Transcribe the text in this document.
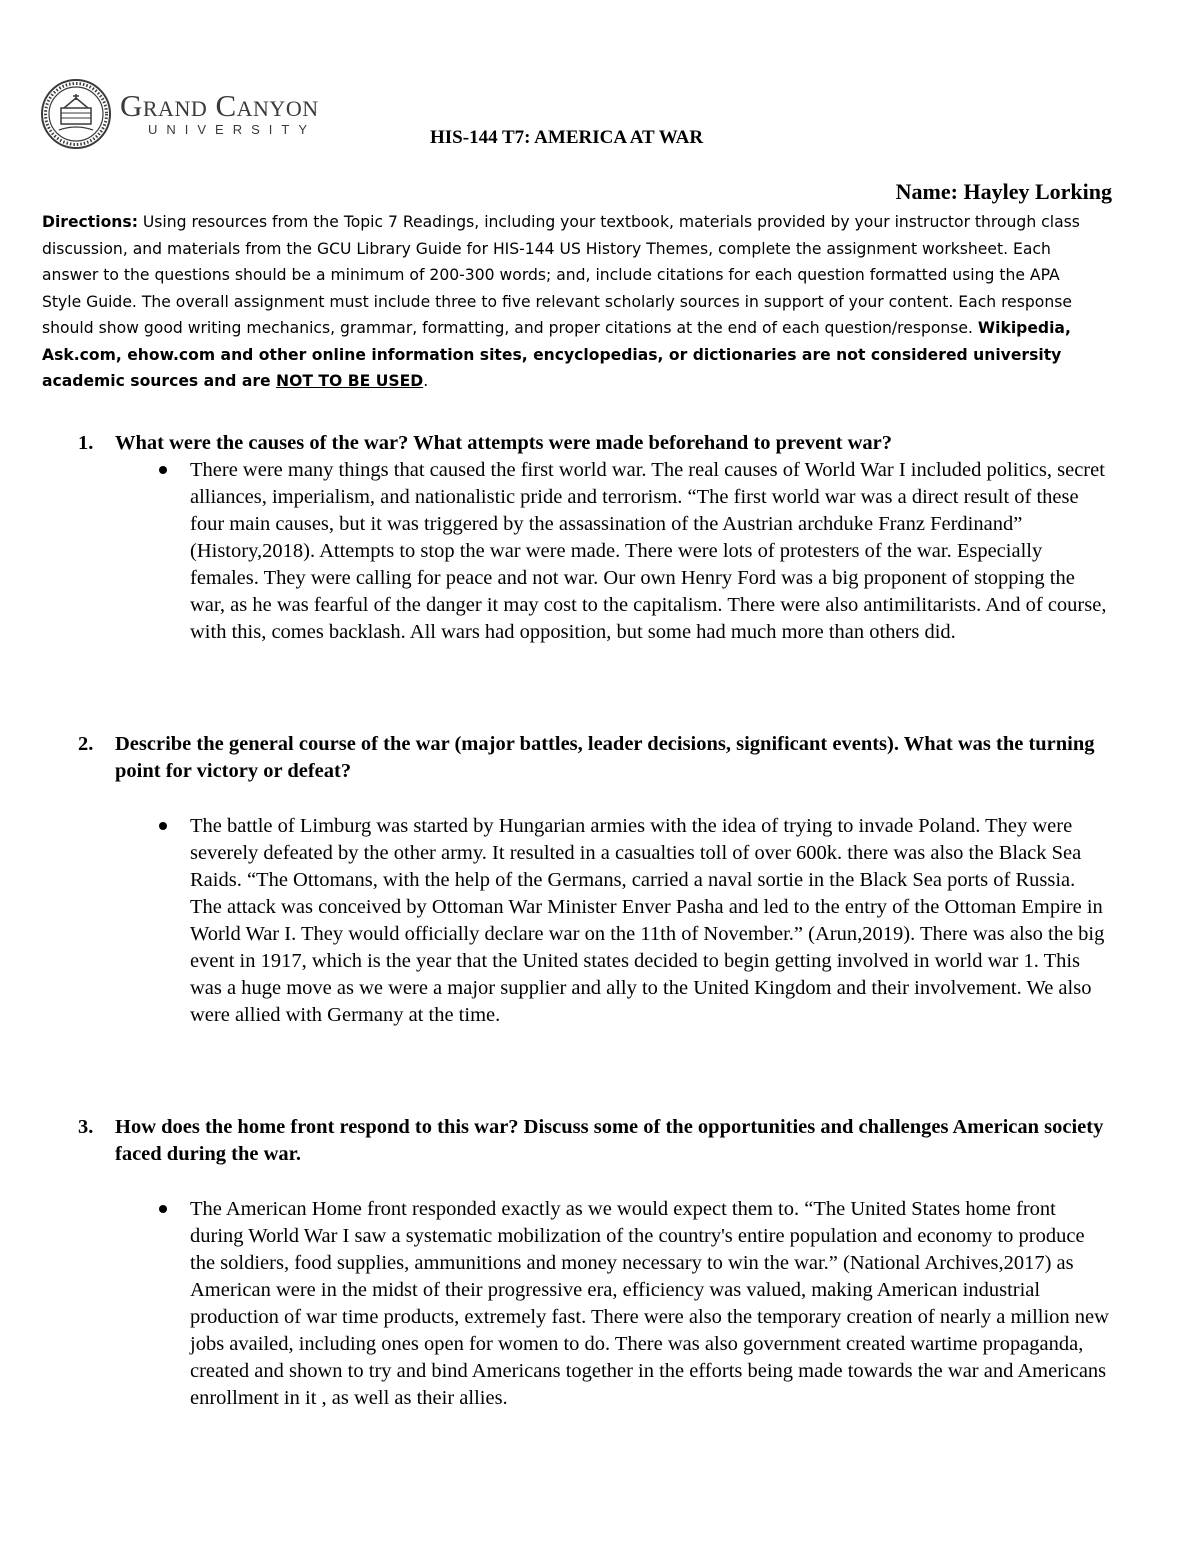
Grand Canyon
UNIVERSITY	HIS-144 T7: AMERICA AT WAR
Name: Hayley Lorking

Directions: Using resources from the Topic 7 Readings, including your textbook, materials provided by your instructor through class discussion, and materials from the GCU Library Guide for HIS-144 US History Themes, complete the assignment worksheet. Each answer to the questions should be a minimum of 200-300 words; and, include citations for each question formatted using the APA Style Guide. The overall assignment must include three to five relevant scholarly sources in support of your content. Each response should show good writing mechanics, grammar, formatting, and proper citations at the end of each question/response. Wikipedia, Ask.com, ehow.com and other online information sites, encyclopedias, or dictionaries are not considered university academic sources and are NOT TO BE USED.

1.	What were the causes of the war? What attempts were made beforehand to prevent war?
There were many things that caused the first world war. The real causes of World War I included politics, secret alliances, imperialism, and nationalistic pride and terrorism. “The first world war was a direct result of these four main causes, but it was triggered by the assassination of the Austrian archduke Franz Ferdinand” (History,2018). Attempts to stop the war were made. There were lots of protesters of the war. Especially females. They were calling for peace and not war. Our own Henry Ford was a big proponent of stopping the war, as he was fearful of the danger it may cost to the capitalism. There were also antimilitarists. And of course, with this, comes backlash. All wars had opposition, but some had much more than others did.
2.	Describe the general course of the war (major battles, leader decisions, significant events). What was the turning point for victory or defeat?
The battle of Limburg was started by Hungarian armies with the idea of trying to invade Poland. They were severely defeated by the other army. It resulted in a casualties toll of over 600k. there was also the Black Sea Raids. “The Ottomans, with the help of the Germans, carried a naval sortie in the Black Sea ports of Russia. The attack was conceived by Ottoman War Minister Enver Pasha and led to the entry of the Ottoman Empire in World War I. They would officially declare war on the 11th of November.” (Arun,2019). There was also the big event in 1917, which is the year that the United states decided to begin getting involved in world war 1. This was a huge move as we were a major supplier and ally to the United Kingdom and their involvement. We also were allied with Germany at the time.
3.	How does the home front respond to this war? Discuss some of the opportunities and challenges American society faced during the war.
The American Home front responded exactly as we would expect them to. “The United States home front during World War I saw a systematic mobilization of the country's entire population and economy to produce the soldiers, food supplies, ammunitions and money necessary to win the war.” (National Archives,2017) as American were in the midst of their progressive era, efficiency was valued, making American industrial production of war time products, extremely fast. There were also the temporary creation of nearly a million new jobs availed, including ones open for women to do. There was also government created wartime propaganda, created and shown to try and bind Americans together in the efforts being made towards the war and Americans enrollment in it , as well as their allies.
